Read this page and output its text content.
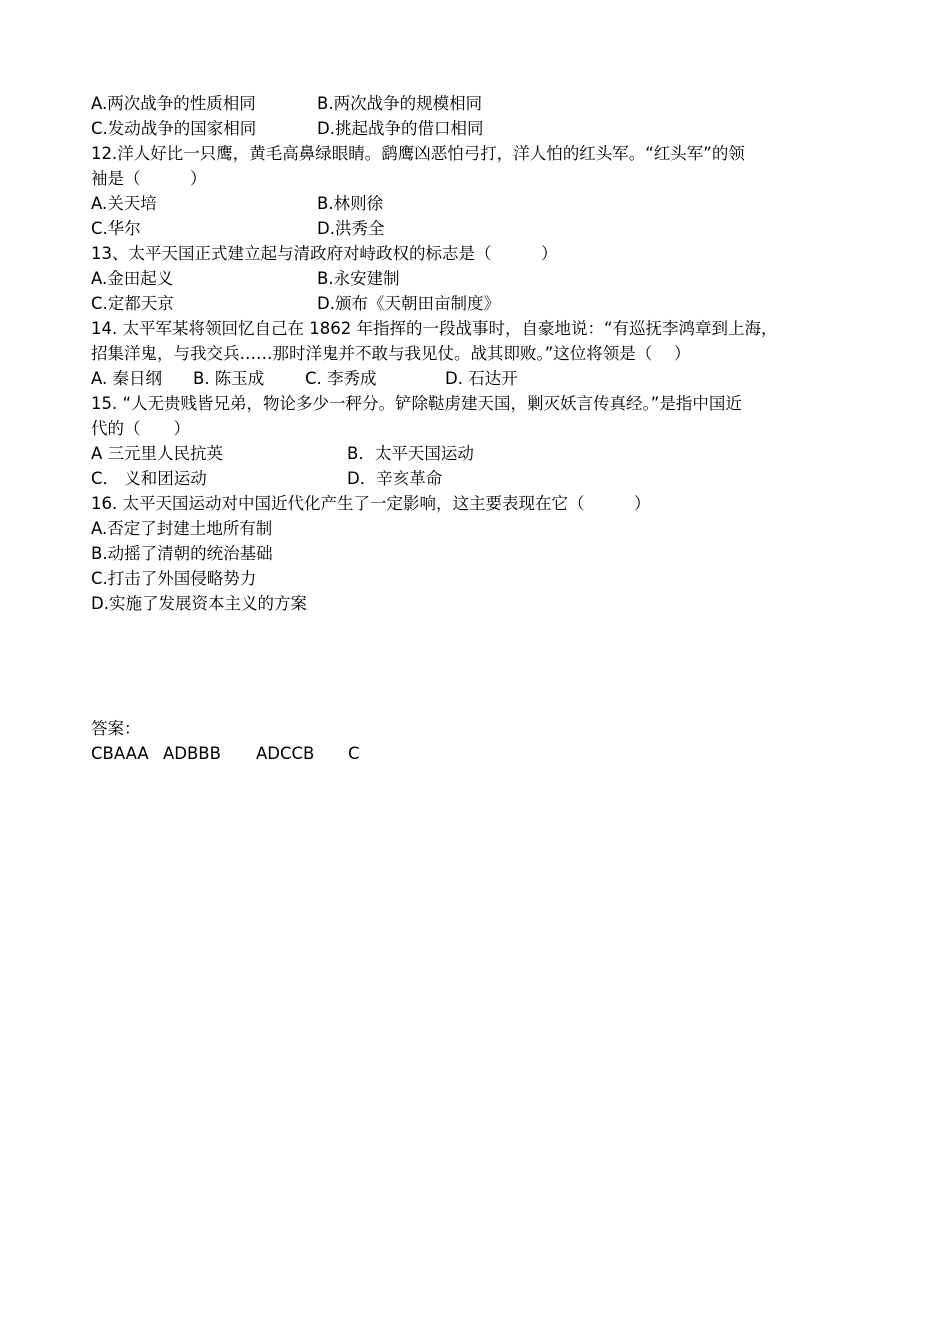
A.两次战争的性质相同	B.两次战争的规模相同
C.发动战争的国家相同	D.挑起战争的借口相同
12.洋人好比一只鹰，黄毛高鼻绿眼睛。鹞鹰凶恶怕弓打，洋人怕的红头军。“红头军”的领
袖是（　　　）
A.关天培	B.林则徐
C.华尔	D.洪秀全
13、太平天国正式建立起与清政府对峙政权的标志是（　　　）
A.金田起义	B.永安建制
C.定都天京	D.颁布《天朝田亩制度》
14. 太平军某将领回忆自己在 1862 年指挥的一段战事时，自豪地说：“有巡抚李鸿章到上海，
招集洋鬼，与我交兵……那时洋鬼并不敢与我见仗。战其即败。”这位将领是（　 ）
A. 秦日纲	B. 陈玉成	C. 李秀成	D. 石达开
15. “人无贵贱皆兄弟，物论多少一秤分。铲除鞑虏建天国，剿灭妖言传真经。”是指中国近
代的（　　）
A 三元里人民抗英	B．太平天国运动
C． 义和团运动	D．辛亥革命
16. 太平天国运动对中国近代化产生了一定影响，这主要表现在它（　　　）
A.否定了封建土地所有制
B.动摇了清朝的统治基础
C.打击了外国侵略势力
D.实施了发展资本主义的方案
答案：
CBAAA ADBBB	ADCCB	C
